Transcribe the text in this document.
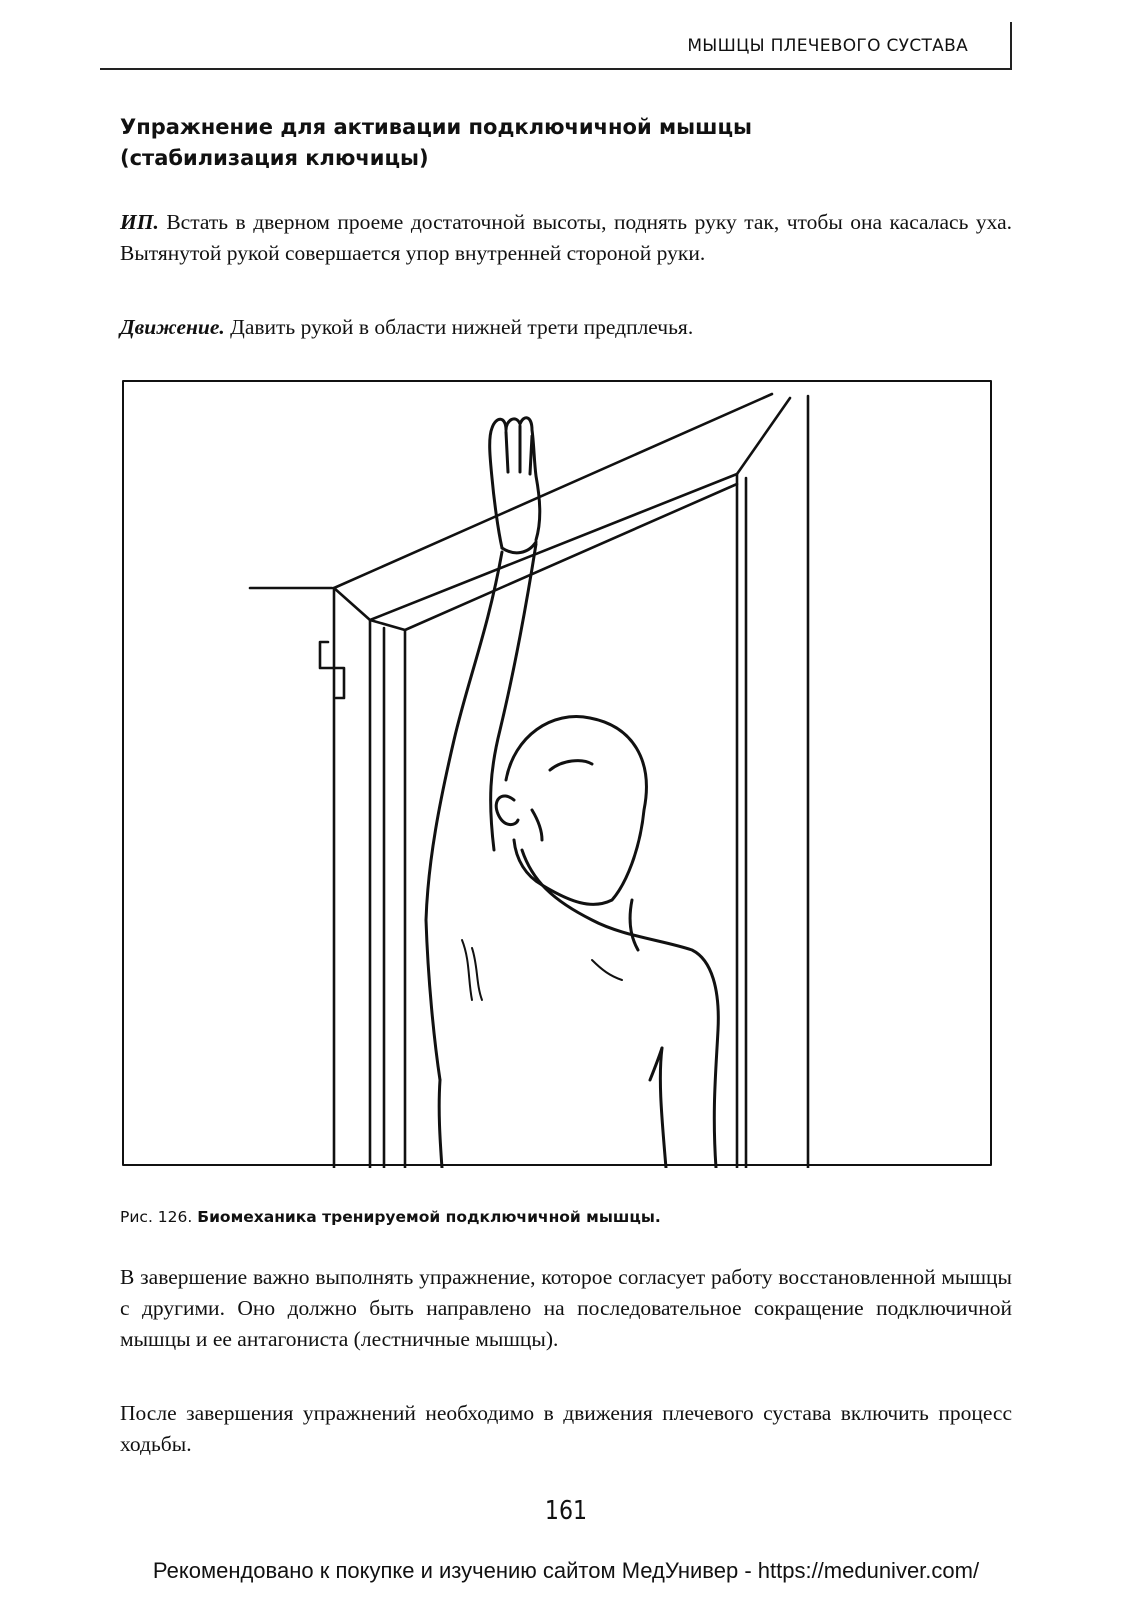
МЫШЦЫ ПЛЕЧЕВОГО СУСТАВА
Упражнение для активации подключичной мышцы
(стабилизация ключицы)

ИП. Встать в дверном проеме достаточной высоты, поднять руку так, чтобы она касалась уха. Вытянутой рукой совершается упор внутренней стороной руки.

Движение. Давить рукой в области нижней трети предплечья.

Рис. 126. Биомеханика тренируемой подключичной мышцы.

В завершение важно выполнять упражнение, которое согласует работу восстановленной мышцы с другими. Оно должно быть направлено на последовательное сокращение подключичной мышцы и ее антагониста (лестничные мышцы).

После завершения упражнений необходимо в движения плечевого сустава включить процесс ходьбы.

161
Рекомендовано к покупке и изучению сайтом МедУнивер - https://meduniver.com/
